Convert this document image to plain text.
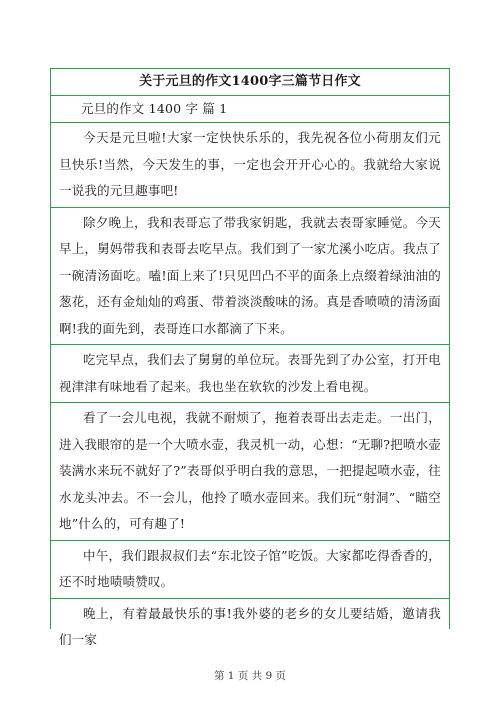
关于元旦的作文1400字三篇节日作文
元旦的作文 1400 字 篇 1
今天是元旦啦!大家一定快快乐乐的，我先祝各位小荷朋友们元旦快乐!当然，今天发生的事，一定也会开开心心的。我就给大家说一说我的元旦趣事吧!
除夕晚上，我和表哥忘了带我家钥匙，我就去表哥家睡觉。今天早上，舅妈带我和表哥去吃早点。我们到了一家尤溪小吃店。我点了一碗清汤面吃。嗑!面上来了!只见凹凸不平的面条上点缀着绿油油的葱花，还有金灿灿的鸡蛋、带着淡淡酸味的汤。真是香喷喷的清汤面啊!我的面先到，表哥连口水都滴了下来。
吃完早点，我们去了舅舅的单位玩。表哥先到了办公室，打开电视津津有味地看了起来。我也坐在软软的沙发上看电视。
看了一会儿电视，我就不耐烦了，拖着表哥出去走走。一出门，进入我眼帘的是一个大喷水壶，我灵机一动，心想：“无聊?把喷水壶装满水来玩不就好了?”表哥似乎明白我的意思，一把提起喷水壶，往水龙头冲去。不一会儿，他拎了喷水壶回来。我们玩“射洞”、“瞄空地”什么的，可有趣了!
中午，我们跟叔叔们去“东北饺子馆”吃饭。大家都吃得香香的，还不时地啧啧赞叹。
晚上，有着最最快乐的事!我外婆的老乡的女儿要结婚，邀请我们一家
第 1 页 共 9 页
